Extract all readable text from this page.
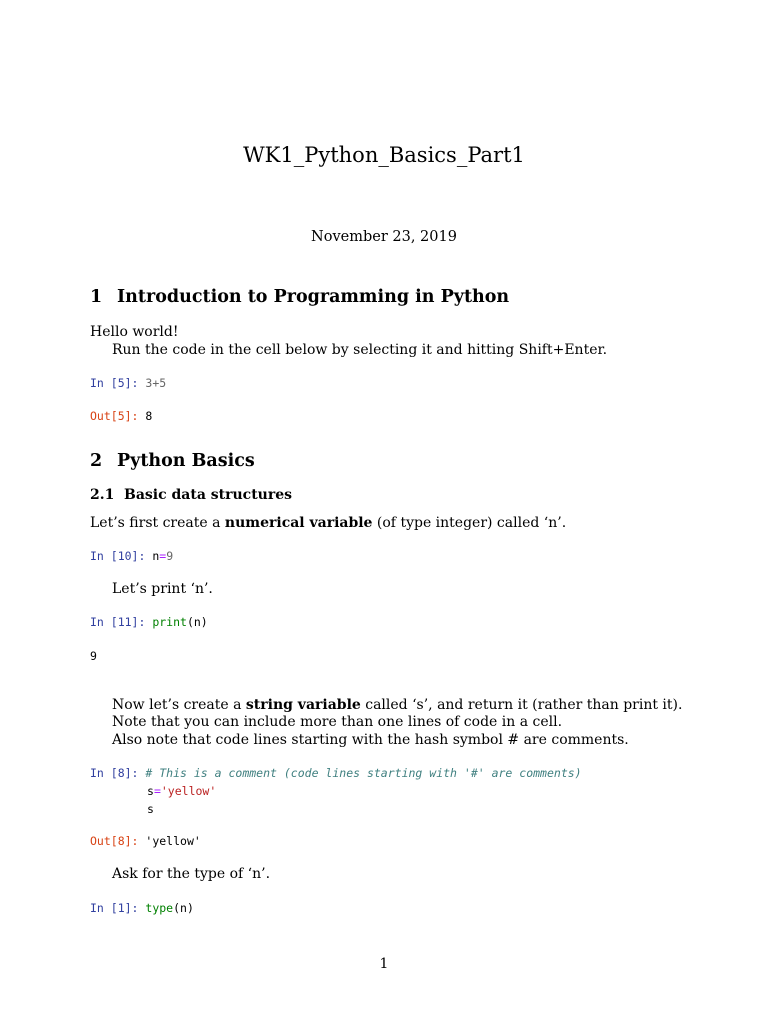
WK1_Python_Basics_Part1
November 23, 2019
1 Introduction to Programming in Python
Hello world!
Run the code in the cell below by selecting it and hitting Shift+Enter.
In [5]: 3+5
Out[5]: 8
2 Python Basics
2.1 Basic data structures
Let’s first create a numerical variable (of type integer) called ‘n’.
In [10]: n=9
Let’s print ‘n’.
In [11]: print(n)
9
Now let’s create a string variable called ‘s’, and return it (rather than print it).
Note that you can include more than one lines of code in a cell.
Also note that code lines starting with the hash symbol # are comments.
In [8]: # This is a comment (code lines starting with '#' are comments)
s='yellow'
s
Out[8]: 'yellow'
Ask for the type of ‘n’.
In [1]: type(n)
1
